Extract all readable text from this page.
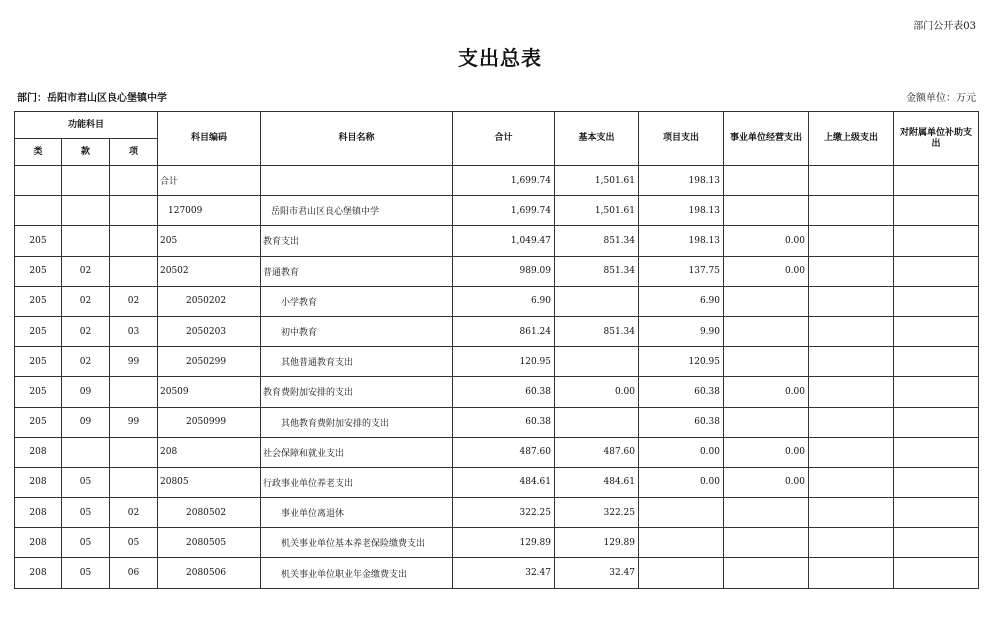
部门公开表03
支出总表
部门：岳阳市君山区良心堡镇中学	金额单位：万元
功能科目			科目编码	科目名称	合计	基本支出	项目支出	事业单位经营支出	上缴上级支出	对附属单位补助支出
类	款	项								
			合计		1,699.74	1,501.61	198.13			
			127009	岳阳市君山区良心堡镇中学	1,699.74	1,501.61	198.13			
205			205	教育支出	1,049.47	851.34	198.13	0.00		
205	02		20502	普通教育	989.09	851.34	137.75	0.00		
205	02	02	2050202	小学教育	6.90		6.90			
205	02	03	2050203	初中教育	861.24	851.34	9.90			
205	02	99	2050299	其他普通教育支出	120.95		120.95			
205	09		20509	教育费附加安排的支出	60.38	0.00	60.38	0.00		
205	09	99	2050999	其他教育费附加安排的支出	60.38		60.38			
208			208	社会保障和就业支出	487.60	487.60	0.00	0.00		
208	05		20805	行政事业单位养老支出	484.61	484.61	0.00	0.00		
208	05	02	2080502	事业单位离退休	322.25	322.25				
208	05	05	2080505	机关事业单位基本养老保险缴费支出	129.89	129.89				
208	05	06	2080506	机关事业单位职业年金缴费支出	32.47	32.47				
